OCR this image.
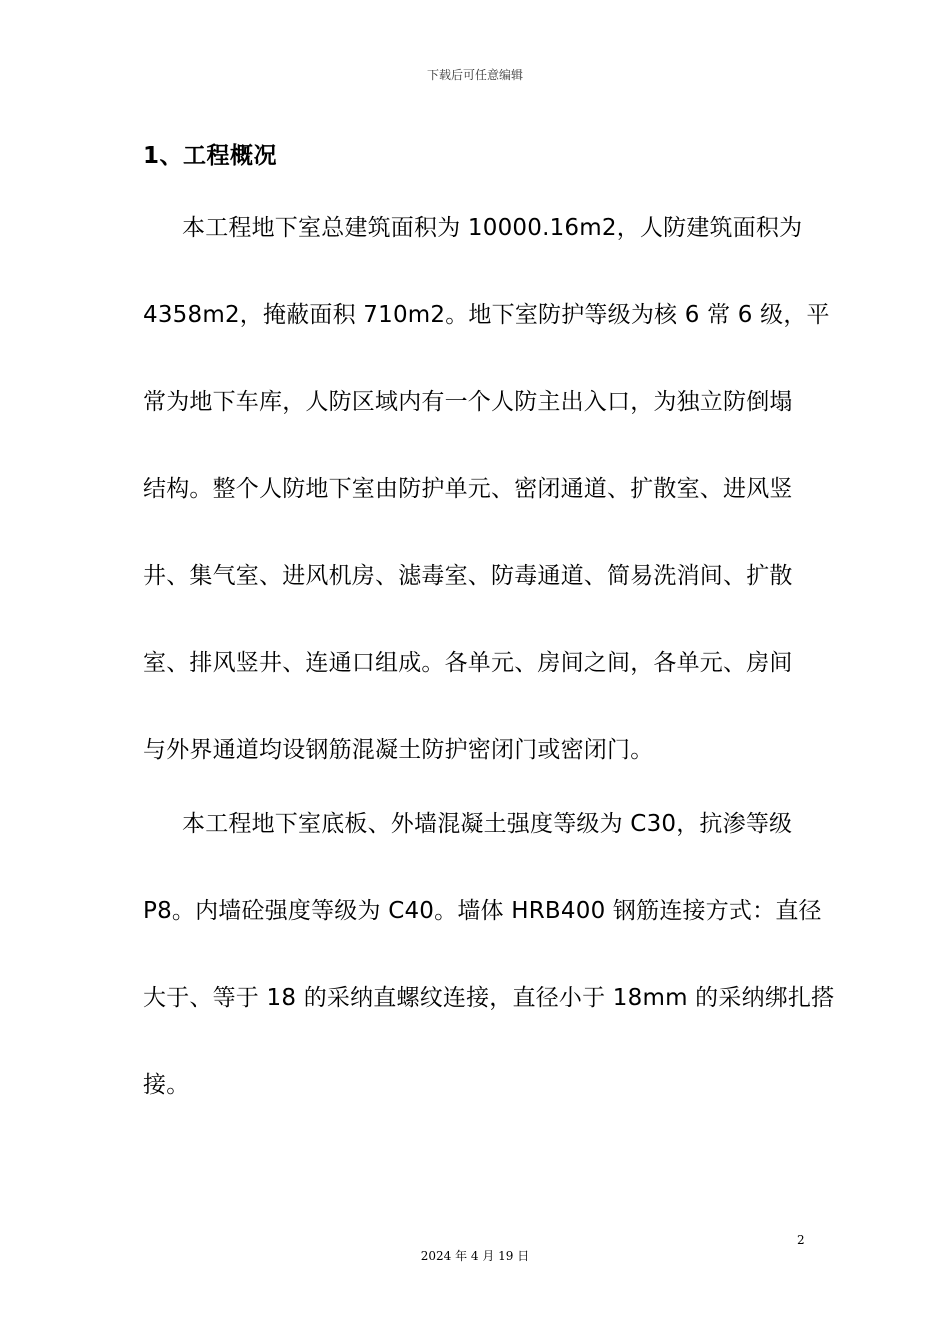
下载后可任意编辑
1、工程概况
本工程地下室总建筑面积为 10000.16m2，人防建筑面积为
4358m2，掩蔽面积 710m2。地下室防护等级为核 6 常 6 级，平
常为地下车库，人防区域内有一个人防主出入口，为独立防倒塌
结构。整个人防地下室由防护单元、密闭通道、扩散室、进风竖
井、集气室、进风机房、滤毒室、防毒通道、简易洗消间、扩散
室、排风竖井、连通口组成。各单元、房间之间，各单元、房间
与外界通道均设钢筋混凝土防护密闭门或密闭门。
本工程地下室底板、外墙混凝土强度等级为 C30，抗渗等级
P8。内墙砼强度等级为 C40。墙体 HRB400 钢筋连接方式：直径
大于、等于 18 的采纳直螺纹连接，直径小于 18mm 的采纳绑扎搭
接。
2
2024 年 4 月 19 日
